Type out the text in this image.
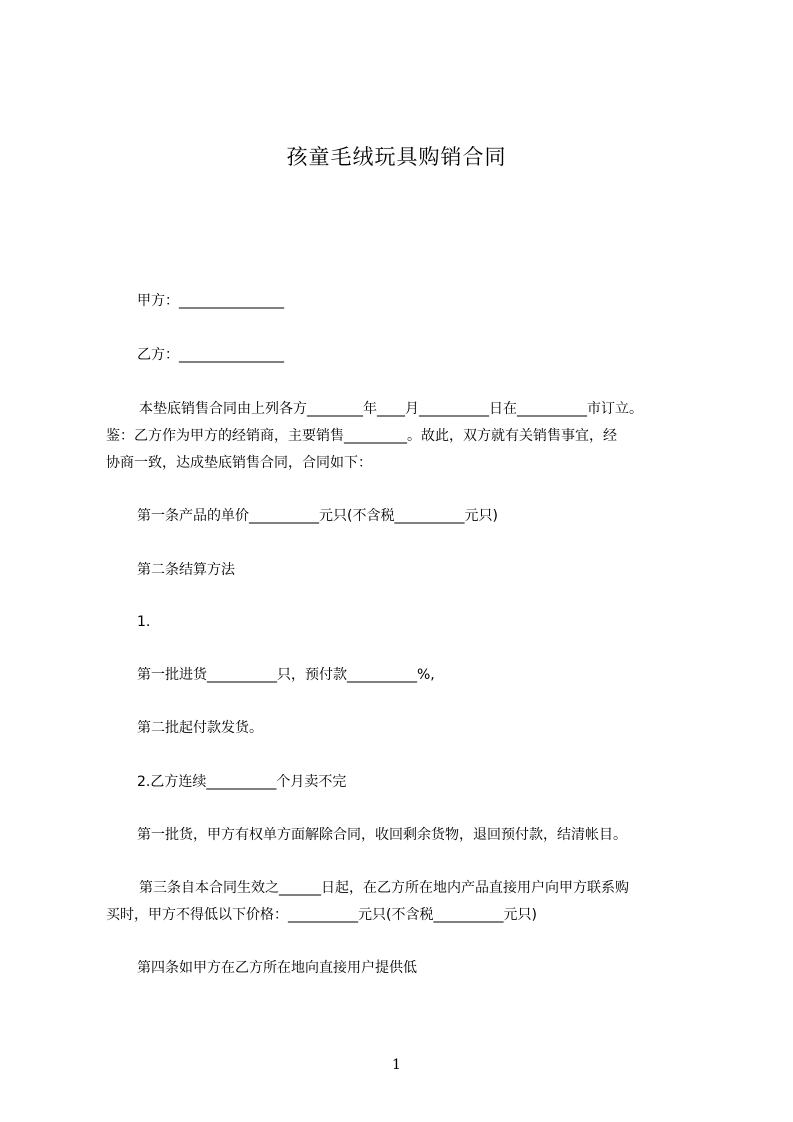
孩童毛绒玩具购销合同
甲方：_______________
乙方：_______________
本垫底销售合同由上列各方________年____月__________日在__________市订立。
鉴：乙方作为甲方的经销商，主要销售_________。故此，双方就有关销售事宜，经
协商一致，达成垫底销售合同，合同如下：
第一条产品的单价__________元只(不含税__________元只)
第二条结算方法
1.
第一批进货__________只，预付款__________%,
第二批起付款发货。
2.乙方连续__________个月卖不完
第一批货，甲方有权单方面解除合同，收回剩余货物，退回预付款，结清帐目。
第三条自本合同生效之______日起，在乙方所在地内产品直接用户向甲方联系购
买时，甲方不得低以下价格：__________元只(不含税__________元只)
第四条如甲方在乙方所在地向直接用户提供低
1
